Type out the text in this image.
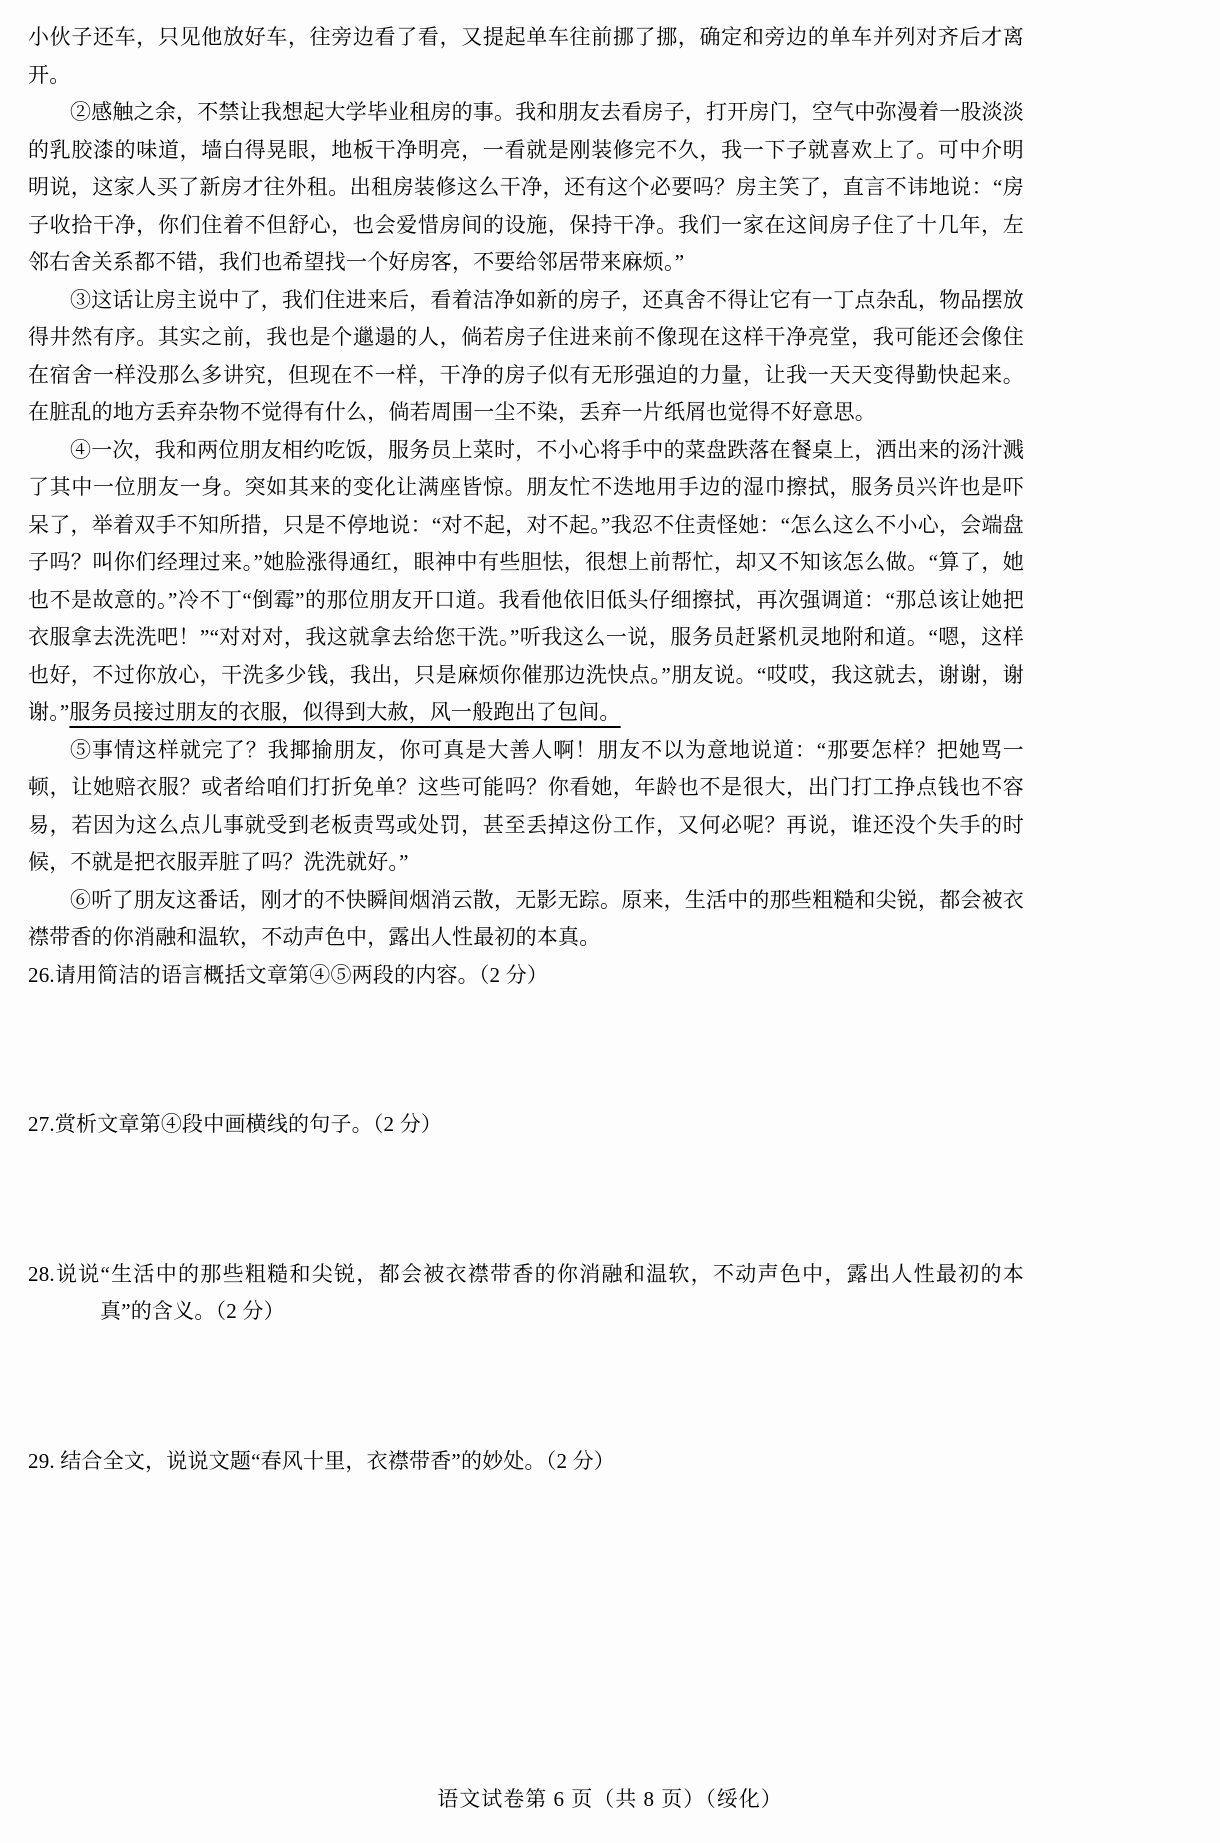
小伙子还车，只见他放好车，往旁边看了看，又提起单车往前挪了挪，确定和旁边的单车并列对齐后才离开。

②感触之余，不禁让我想起大学毕业租房的事。我和朋友去看房子，打开房门，空气中弥漫着一股淡淡的乳胶漆的味道，墙白得晃眼，地板干净明亮，一看就是刚装修完不久，我一下子就喜欢上了。可中介明明说，这家人买了新房才往外租。出租房装修这么干净，还有这个必要吗？房主笑了，直言不讳地说：“房子收拾干净，你们住着不但舒心，也会爱惜房间的设施，保持干净。我们一家在这间房子住了十几年，左邻右舍关系都不错，我们也希望找一个好房客，不要给邻居带来麻烦。”

③这话让房主说中了，我们住进来后，看着洁净如新的房子，还真舍不得让它有一丁点杂乱，物品摆放得井然有序。其实之前，我也是个邋遢的人，倘若房子住进来前不像现在这样干净亮堂，我可能还会像住在宿舍一样没那么多讲究，但现在不一样，干净的房子似有无形强迫的力量，让我一天天变得勤快起来。在脏乱的地方丢弃杂物不觉得有什么，倘若周围一尘不染，丢弃一片纸屑也觉得不好意思。

④一次，我和两位朋友相约吃饭，服务员上菜时，不小心将手中的菜盘跌落在餐桌上，洒出来的汤汁溅了其中一位朋友一身。突如其来的变化让满座皆惊。朋友忙不迭地用手边的湿巾擦拭，服务员兴许也是吓呆了，举着双手不知所措，只是不停地说：“对不起，对不起。”我忍不住责怪她：“怎么这么不小心，会端盘子吗？叫你们经理过来。”她脸涨得通红，眼神中有些胆怯，很想上前帮忙，却又不知该怎么做。“算了，她也不是故意的。”冷不丁“倒霉”的那位朋友开口道。我看他依旧低头仔细擦拭，再次强调道：“那总该让她把衣服拿去洗洗吧！”“对对对，我这就拿去给您干洗。”听我这么一说，服务员赶紧机灵地附和道。“嗯，这样也好，不过你放心，干洗多少钱，我出，只是麻烦你催那边洗快点。”朋友说。“哎哎，我这就去，谢谢，谢谢。”服务员接过朋友的衣服，似得到大赦，风一般跑出了包间。

⑤事情这样就完了？我揶揄朋友，你可真是大善人啊！朋友不以为意地说道：“那要怎样？把她骂一顿，让她赔衣服？或者给咱们打折免单？这些可能吗？你看她，年龄也不是很大，出门打工挣点钱也不容易，若因为这么点儿事就受到老板责骂或处罚，甚至丢掉这份工作，又何必呢？再说，谁还没个失手的时候，不就是把衣服弄脏了吗？洗洗就好。”

⑥听了朋友这番话，刚才的不快瞬间烟消云散，无影无踪。原来，生活中的那些粗糙和尖锐，都会被衣襟带香的你消融和温软，不动声色中，露出人性最初的本真。

26.请用简洁的语言概括文章第④⑤两段的内容。（2 分）

27.赏析文章第④段中画横线的句子。（2 分）

28.说说“生活中的那些粗糙和尖锐，都会被衣襟带香的你消融和温软，不动声色中，露出人性最初的本真”的含义。（2 分）

29. 结合全文，说说文题“春风十里，衣襟带香”的妙处。（2 分）

语文试卷第 6 页（共 8 页）（绥化）
